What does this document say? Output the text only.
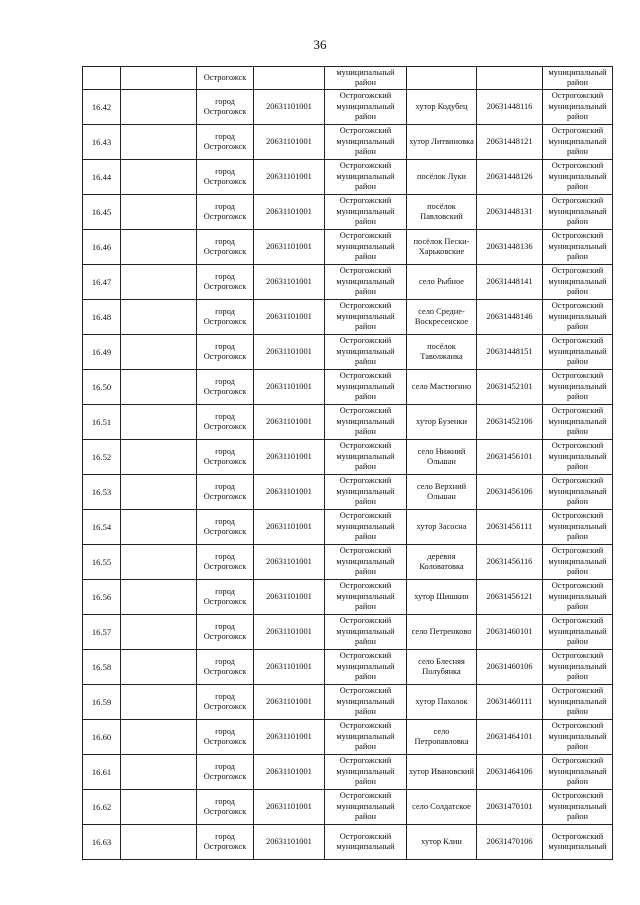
36
		Острогожск		муниципальный район			муниципальный район
16.42		город Острогожск	20631101001	Острогожский муниципальный район	хутор Кодубец	20631448116	Острогожский муниципальный район
16.43		город Острогожск	20631101001	Острогожский муниципальный район	хутор Литвиновка	20631448121	Острогожский муниципальный район
16.44		город Острогожск	20631101001	Острогожский муниципальный район	посёлок Луки	20631448126	Острогожский муниципальный район
16.45		город Острогожск	20631101001	Острогожский муниципальный район	посёлок Павловский	20631448131	Острогожский муниципальный район
16.46		город Острогожск	20631101001	Острогожский муниципальный район	посёлок Пески-Харьковские	20631448136	Острогожский муниципальный район
16.47		город Острогожск	20631101001	Острогожский муниципальный район	село Рыбное	20631448141	Острогожский муниципальный район
16.48		город Острогожск	20631101001	Острогожский муниципальный район	село Средне-Воскресенское	20631448146	Острогожский муниципальный район
16.49		город Острогожск	20631101001	Острогожский муниципальный район	посёлок Таволжанка	20631448151	Острогожский муниципальный район
16.50		город Острогожск	20631101001	Острогожский муниципальный район	село Мастюгино	20631452101	Острогожский муниципальный район
16.51		город Острогожск	20631101001	Острогожский муниципальный район	хутор Бузенки	20631452106	Острогожский муниципальный район
16.52		город Острогожск	20631101001	Острогожский муниципальный район	село Нижний Ольшан	20631456101	Острогожский муниципальный район
16.53		город Острогожск	20631101001	Острогожский муниципальный район	село Верхний Ольшан	20631456106	Острогожский муниципальный район
16.54		город Острогожск	20631101001	Острогожский муниципальный район	хутор Засосна	20631456111	Острогожский муниципальный район
16.55		город Острогожск	20631101001	Острогожский муниципальный район	деревня Коловатовка	20631456116	Острогожский муниципальный район
16.56		город Острогожск	20631101001	Острогожский муниципальный район	хутор Шишкин	20631456121	Острогожский муниципальный район
16.57		город Острогожск	20631101001	Острогожский муниципальный район	село Петренково	20631460101	Острогожский муниципальный район
16.58		город Острогожск	20631101001	Острогожский муниципальный район	село Блесняя Полубянка	20631460106	Острогожский муниципальный район
16.59		город Острогожск	20631101001	Острогожский муниципальный район	хутор Пахолок	20631460111	Острогожский муниципальный район
16.60		город Острогожск	20631101001	Острогожский муниципальный район	село Петропавловка	20631464101	Острогожский муниципальный район
16.61		город Острогожск	20631101001	Острогожский муниципальный район	хутор Ивановский	20631464106	Острогожский муниципальный район
16.62		город Острогожск	20631101001	Острогожский муниципальный район	село Солдатское	20631470101	Острогожский муниципальный район
16.63		город Острогожск	20631101001	Острогожский муниципальный	хутор Клин	20631470106	Острогожский муниципальный
